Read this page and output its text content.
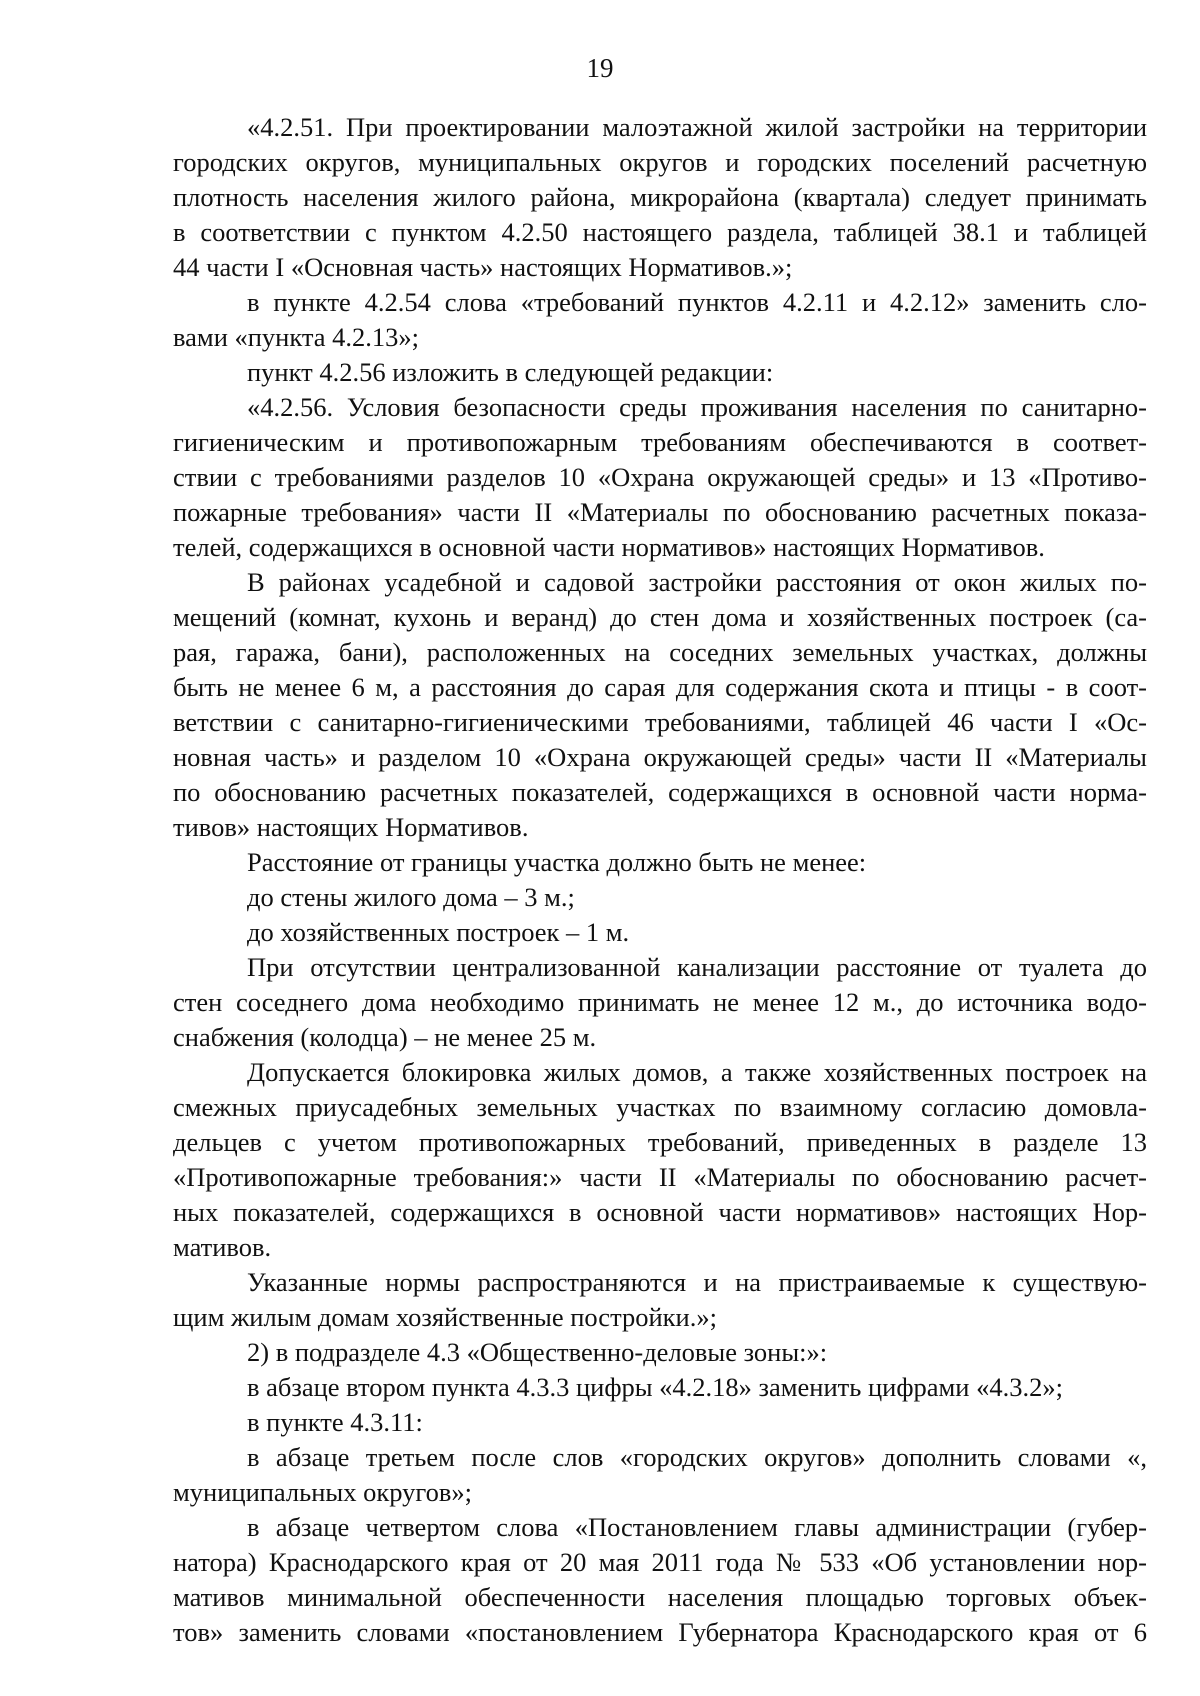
19
«4.2.51. При проектировании малоэтажной жилой застройки на территории
городских округов, муниципальных округов и городских поселений расчетную
плотность населения жилого района, микрорайона (квартала) следует принимать
в соответствии с пунктом 4.2.50 настоящего раздела, таблицей 38.1 и таблицей
44 части I «Основная часть» настоящих Нормативов.»;
в пункте 4.2.54 слова «требований пунктов 4.2.11 и 4.2.12» заменить сло-
вами «пункта 4.2.13»;
пункт 4.2.56 изложить в следующей редакции:
«4.2.56. Условия безопасности среды проживания населения по санитарно-
гигиеническим и противопожарным требованиям обеспечиваются в соответ-
ствии с требованиями разделов 10 «Охрана окружающей среды» и 13 «Противо-
пожарные требования» части II «Материалы по обоснованию расчетных показа-
телей, содержащихся в основной части нормативов» настоящих Нормативов.
В районах усадебной и садовой застройки расстояния от окон жилых по-
мещений (комнат, кухонь и веранд) до стен дома и хозяйственных построек (са-
рая, гаража, бани), расположенных на соседних земельных участках, должны
быть не менее 6 м, а расстояния до сарая для содержания скота и птицы - в соот-
ветствии с санитарно-гигиеническими требованиями, таблицей 46 части I «Ос-
новная часть» и разделом 10 «Охрана окружающей среды» части II «Материалы
по обоснованию расчетных показателей, содержащихся в основной части норма-
тивов» настоящих Нормативов.
Расстояние от границы участка должно быть не менее:
до стены жилого дома – 3 м.;
до хозяйственных построек – 1 м.
При отсутствии централизованной канализации расстояние от туалета до
стен соседнего дома необходимо принимать не менее 12 м., до источника водо-
снабжения (колодца) – не менее 25 м.
Допускается блокировка жилых домов, а также хозяйственных построек на
смежных приусадебных земельных участках по взаимному согласию домовла-
дельцев с учетом противопожарных требований, приведенных в разделе 13
«Противопожарные требования:» части II «Материалы по обоснованию расчет-
ных показателей, содержащихся в основной части нормативов» настоящих Нор-
мативов.
Указанные нормы распространяются и на пристраиваемые к существую-
щим жилым домам хозяйственные постройки.»;
2) в подразделе 4.3 «Общественно-деловые зоны:»:
в абзаце втором пункта 4.3.3 цифры «4.2.18» заменить цифрами «4.3.2»;
в пункте 4.3.11:
в абзаце третьем после слов «городских округов» дополнить словами «,
муниципальных округов»;
в абзаце четвертом слова «Постановлением главы администрации (губер-
натора) Краснодарского края от 20 мая 2011 года № 533 «Об установлении нор-
мативов минимальной обеспеченности населения площадью торговых объек-
тов» заменить словами «постановлением Губернатора Краснодарского края от 6
